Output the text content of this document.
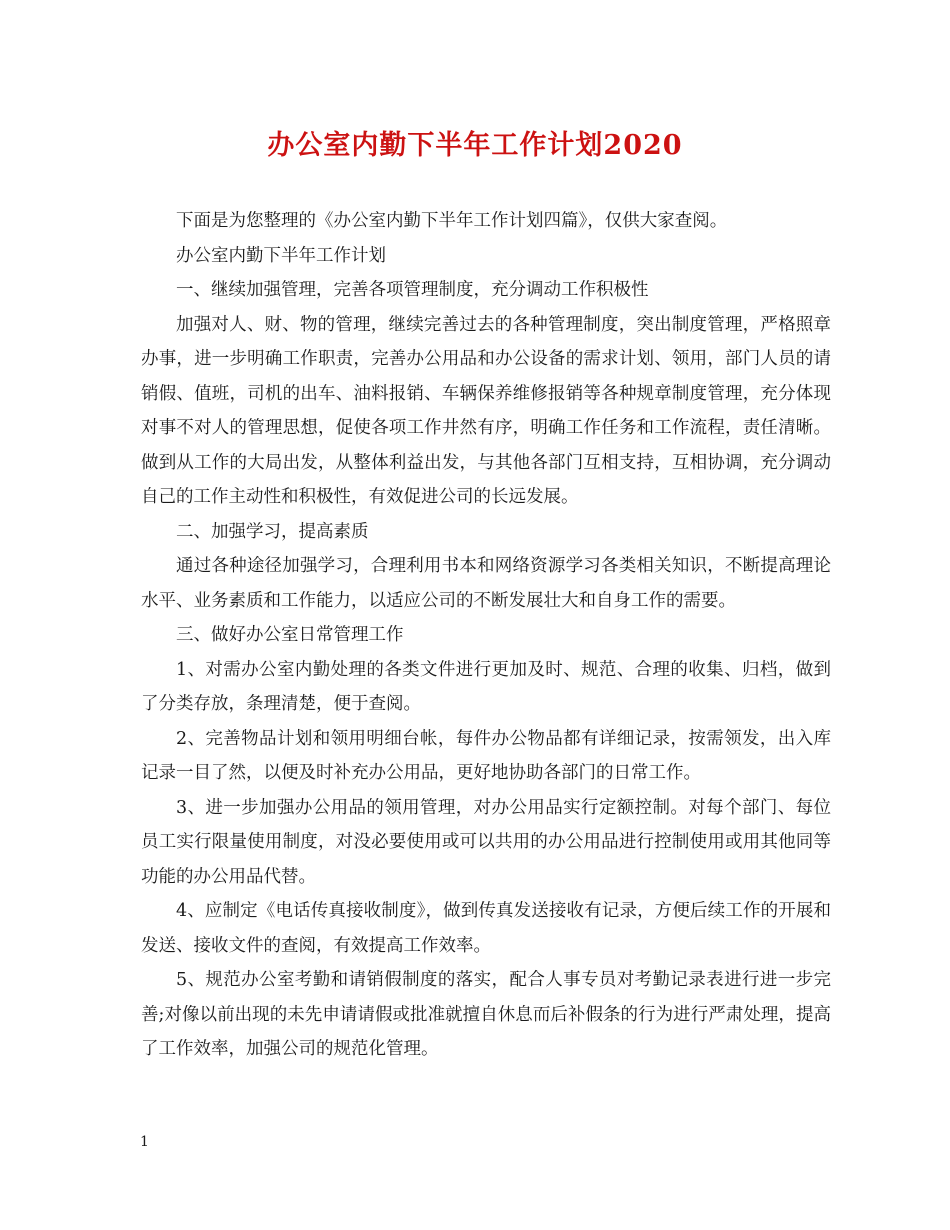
办公室内勤下半年工作计划2020

下面是为您整理的《办公室内勤下半年工作计划四篇》，仅供大家查阅。

办公室内勤下半年工作计划

一、继续加强管理，完善各项管理制度，充分调动工作积极性

加强对人、财、物的管理，继续完善过去的各种管理制度，突出制度管理，严格照章办事，进一步明确工作职责，完善办公用品和办公设备的需求计划、领用，部门人员的请销假、值班，司机的出车、油料报销、车辆保养维修报销等各种规章制度管理，充分体现对事不对人的管理思想，促使各项工作井然有序，明确工作任务和工作流程，责任清晰。做到从工作的大局出发，从整体利益出发，与其他各部门互相支持，互相协调，充分调动自己的工作主动性和积极性，有效促进公司的长远发展。

二、加强学习，提高素质

通过各种途径加强学习，合理利用书本和网络资源学习各类相关知识，不断提高理论水平、业务素质和工作能力，以适应公司的不断发展壮大和自身工作的需要。

三、做好办公室日常管理工作

1、对需办公室内勤处理的各类文件进行更加及时、规范、合理的收集、归档，做到了分类存放，条理清楚，便于查阅。

2、完善物品计划和领用明细台帐，每件办公物品都有详细记录，按需领发，出入库记录一目了然，以便及时补充办公用品，更好地协助各部门的日常工作。

3、进一步加强办公用品的领用管理，对办公用品实行定额控制。对每个部门、每位员工实行限量使用制度，对没必要使用或可以共用的办公用品进行控制使用或用其他同等功能的办公用品代替。

4、应制定《电话传真接收制度》，做到传真发送接收有记录，方便后续工作的开展和发送、接收文件的查阅，有效提高工作效率。

5、规范办公室考勤和请销假制度的落实，配合人事专员对考勤记录表进行进一步完善;对像以前出现的未先申请请假或批准就擅自休息而后补假条的行为进行严肃处理，提高了工作效率，加强公司的规范化管理。

1
